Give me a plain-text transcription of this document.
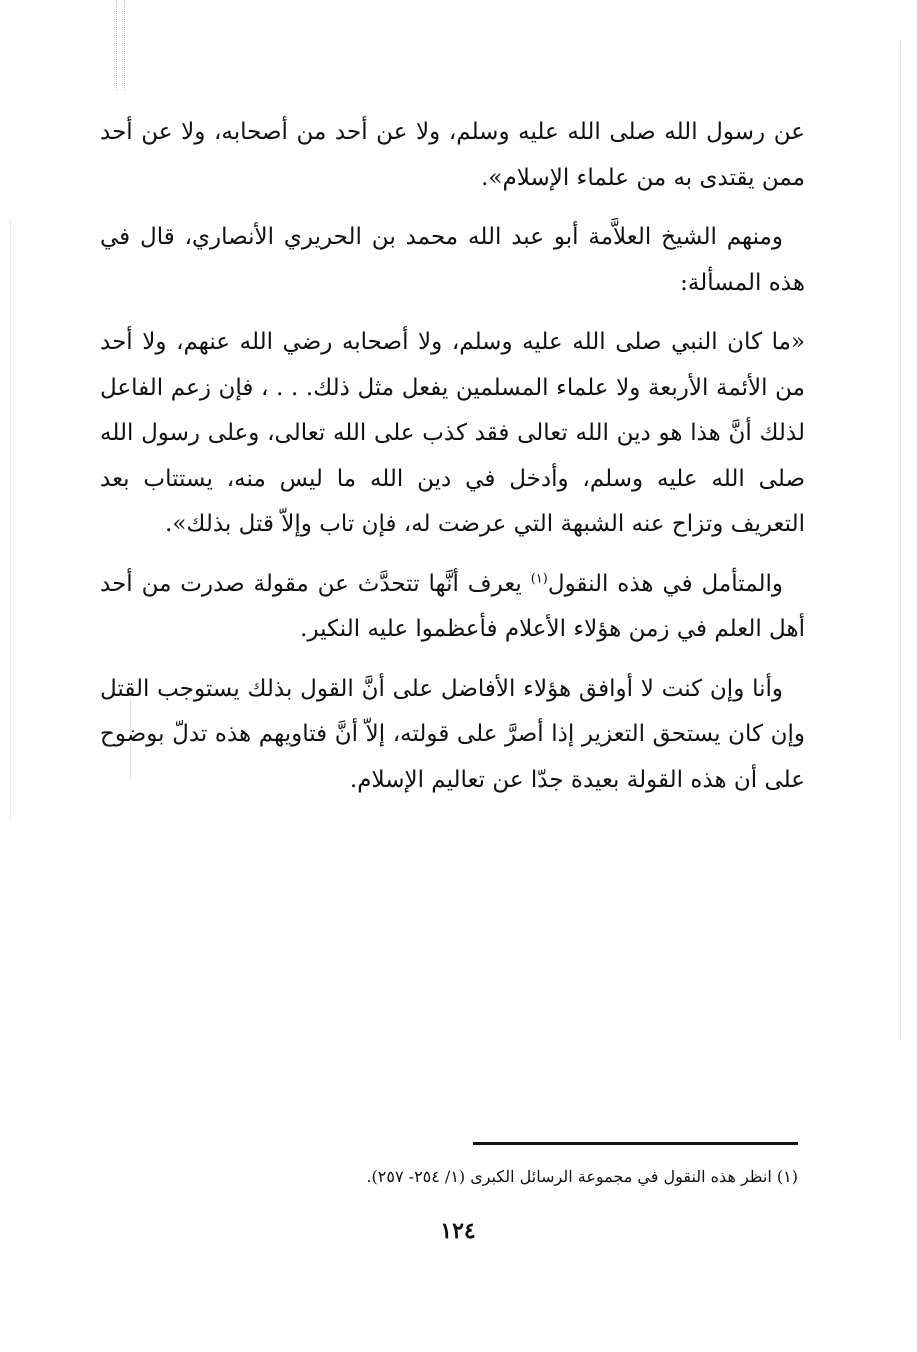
عن رسول الله صلى الله عليه وسلم، ولا عن أحد من أصحابه، ولا عن أحد ممن يقتدى به من علماء الإسلام».

ومنهم الشيخ العلاَّمة أبو عبد الله محمد بن الحريري الأنصاري، قال في هذه المسألة:

«ما كان النبي صلى الله عليه وسلم، ولا أصحابه رضي الله عنهم، ولا أحد من الأئمة الأربعة ولا علماء المسلمين يفعل مثل ذلك. . . ، فإن زعم الفاعل لذلك أنَّ هذا هو دين الله تعالى فقد كذب على الله تعالى، وعلى رسول الله صلى الله عليه وسلم، وأدخل في دين الله ما ليس منه، يستتاب بعد التعريف وتزاح عنه الشبهة التي عرضت له، فإن تاب وإلاّ قتل بذلك».

والمتأمل في هذه النقول$^{(١)}$ يعرف أنَّها تتحدَّث عن مقولة صدرت من أحد أهل العلم في زمن هؤلاء الأعلام فأعظموا عليه النكير.

وأنا وإن كنت لا أوافق هؤلاء الأفاضل على أنَّ القول بذلك يستوجب القتل وإن كان يستحق التعزير إذا أصرَّ على قولته، إلاّ أنَّ فتاويهم هذه تدلّ بوضوح على أن هذه القولة بعيدة جدّا عن تعاليم الإسلام.

(١) انظر هذه النقول في مجموعة الرسائل الكبرى (١/ ٢٥٤- ٢٥٧).
١٢٤
